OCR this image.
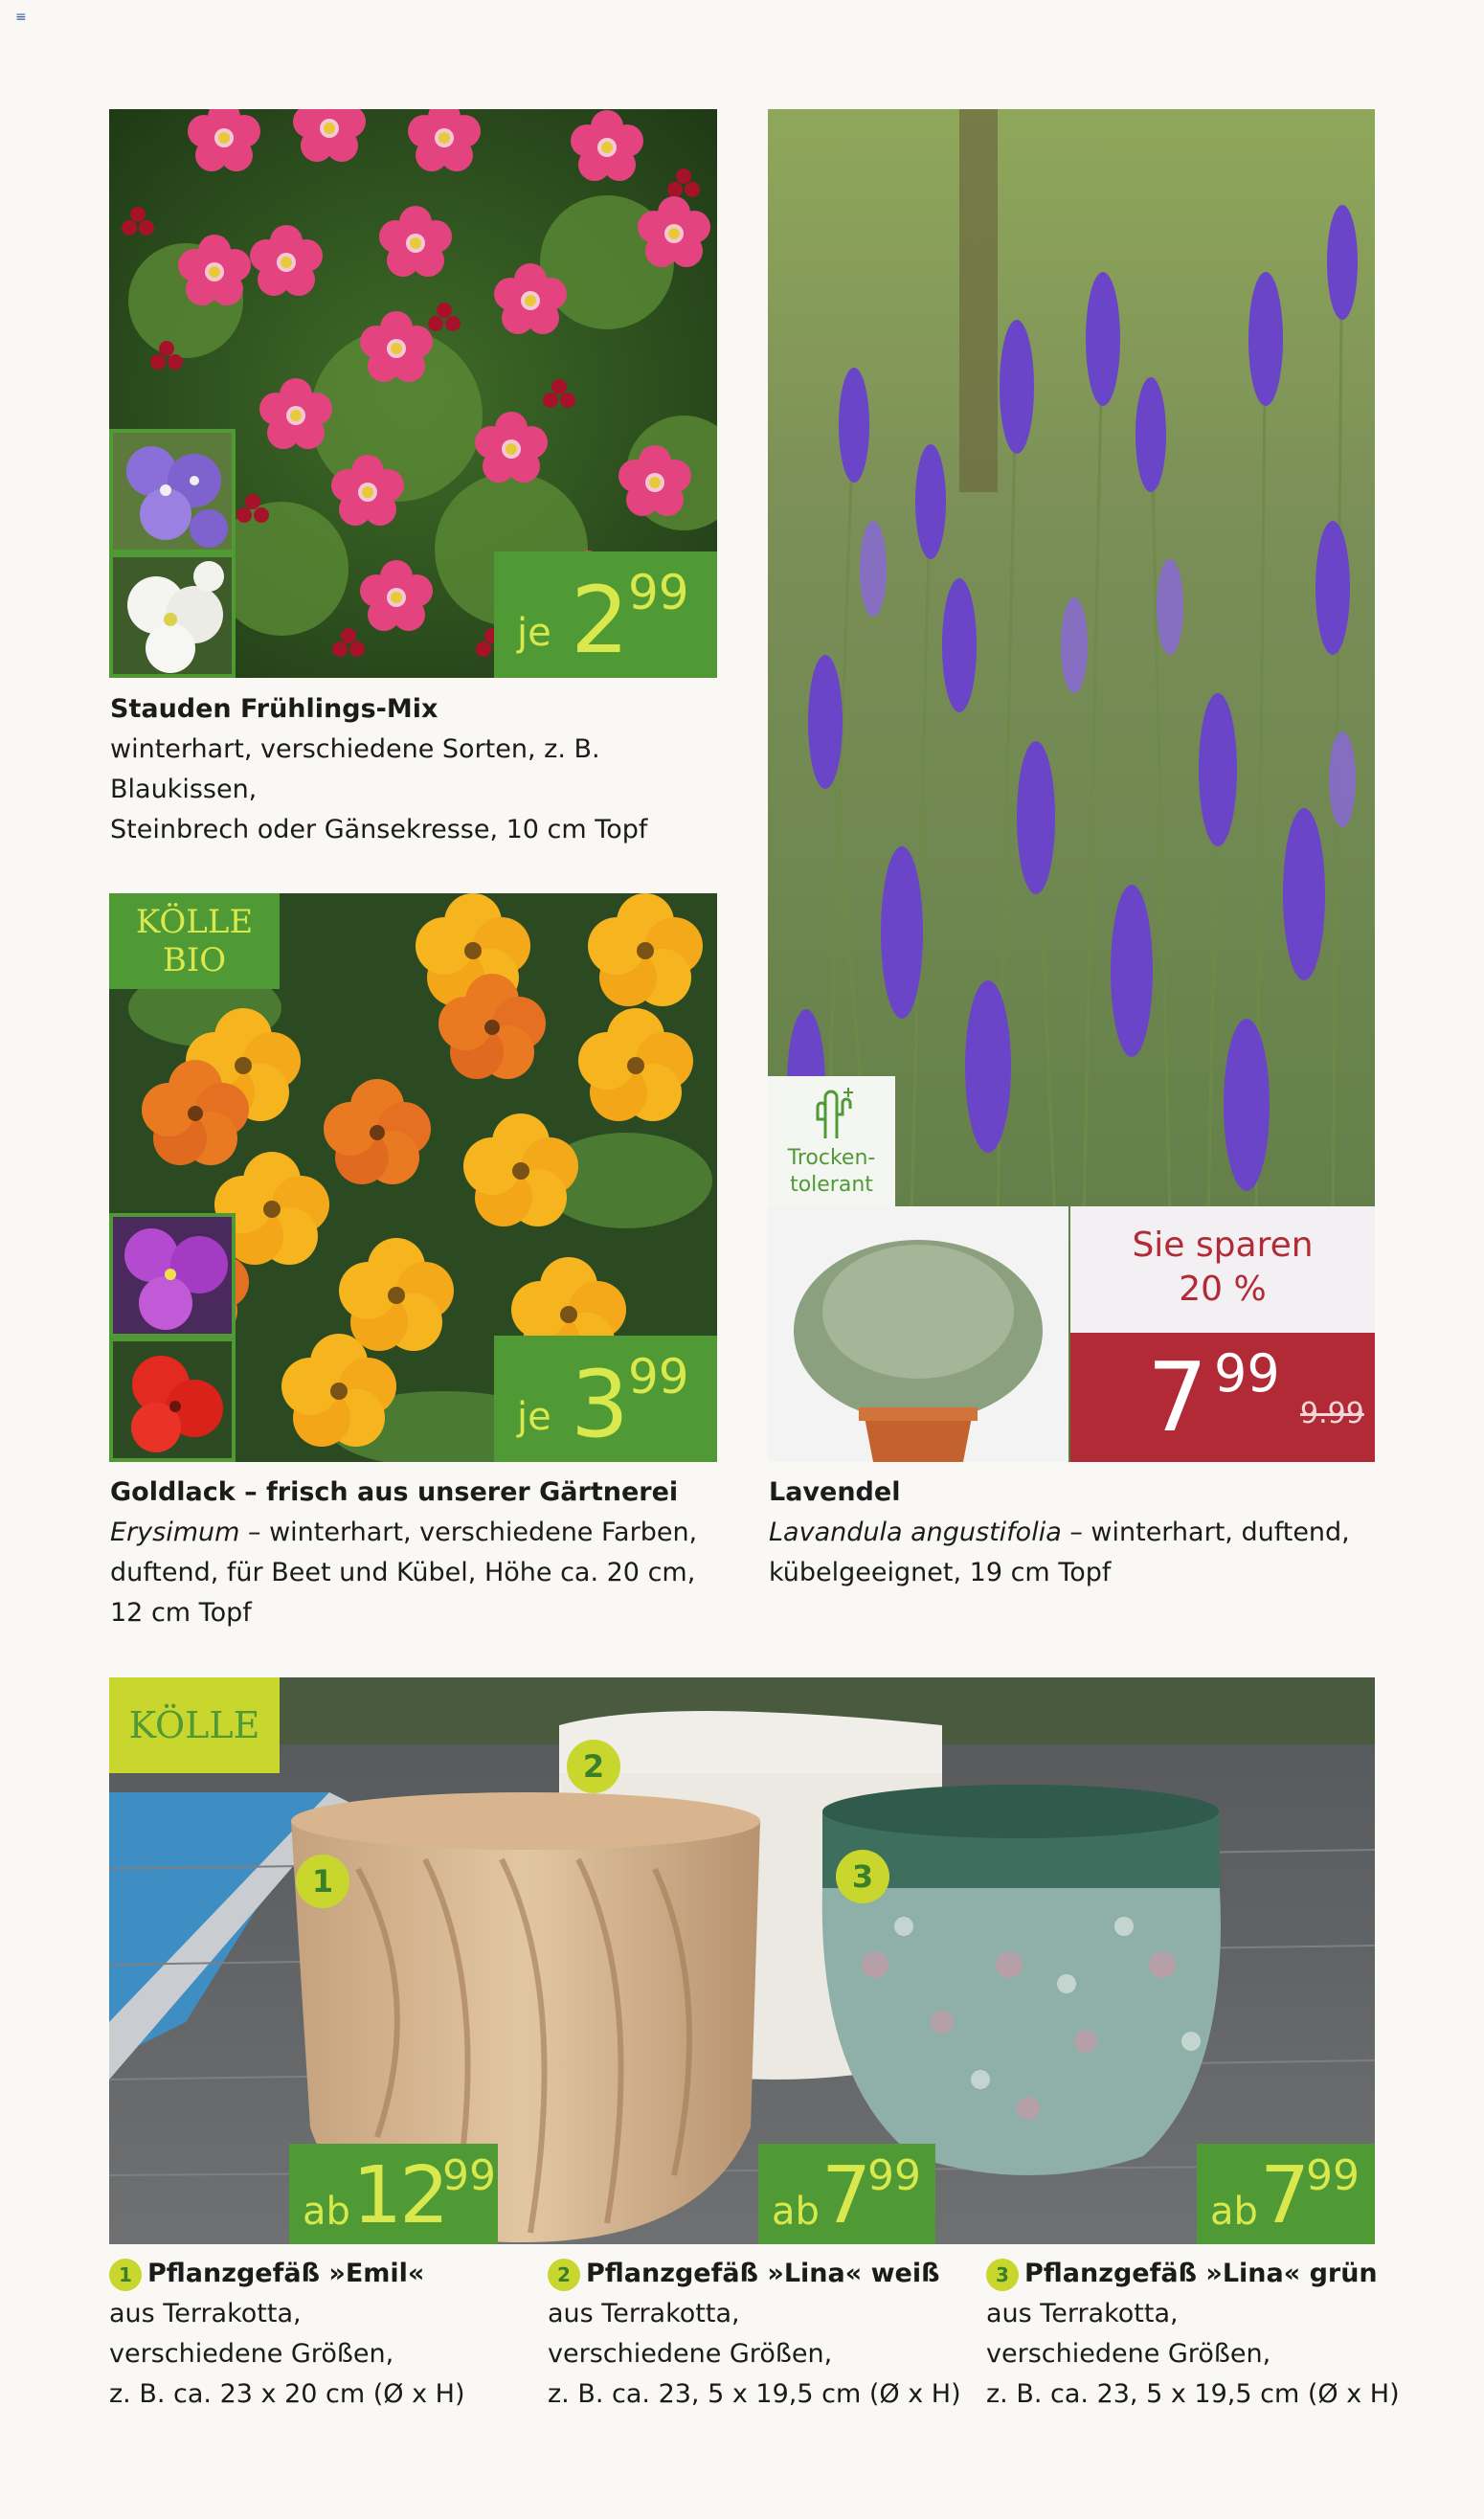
≡
je 2 99
Stauden Frühlings-Mix
winterhart, verschiedene Sorten, z. B. Blaukissen,
Steinbrech oder Gänsekresse, 10 cm Topf
KÖLLE
BIO
je 3 99
Goldlack – frisch aus unserer Gärtnerei
Erysimum – winterhart, verschiedene Farben,
duftend, für Beet und Kübel, Höhe ca. 20 cm,
12 cm Topf
Trocken-
tolerant
Sie sparen
20 %
7 99
9.99
Lavendel
Lavandula angustifolia – winterhart, duftend,
kübelgeeignet, 19 cm Topf
KÖLLE
1
2
3
ab 12
99
ab 7
99
ab 7
99
1 Pflanzgefäß »Emil«
aus Terrakotta,
verschiedene Größen,
z. B. ca. 23 x 20 cm (Ø x H)
2 Pflanzgefäß »Lina« weiß
aus Terrakotta,
verschiedene Größen,
z. B. ca. 23, 5 x 19,5 cm (Ø x H)
3 Pflanzgefäß »Lina« grün
aus Terrakotta,
verschiedene Größen,
z. B. ca. 23, 5 x 19,5 cm (Ø x H)
